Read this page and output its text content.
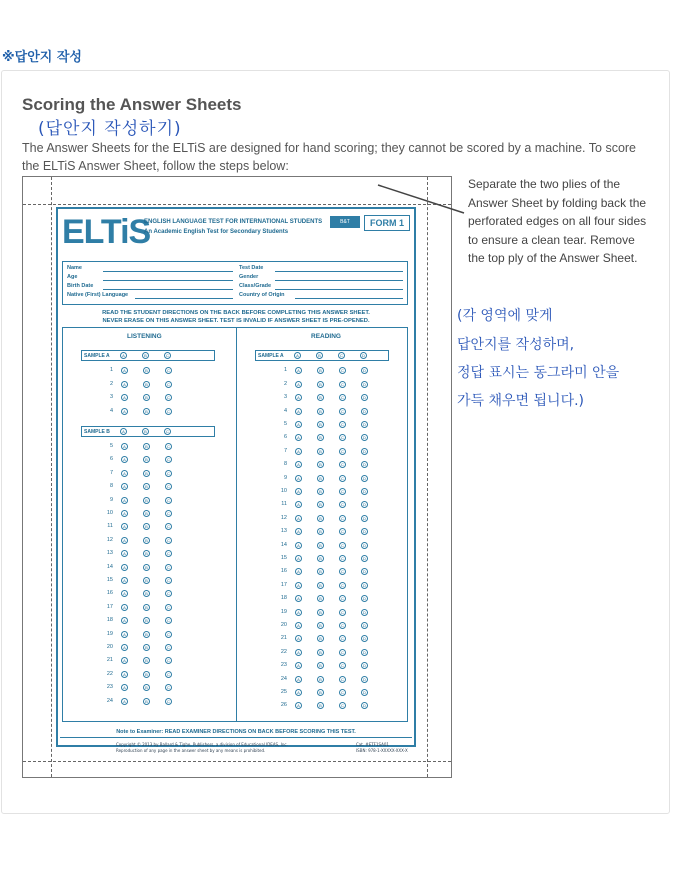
※답안지 작성
Scoring the Answer Sheets
(답안지 작성하기)
The Answer Sheets for the ELTiS are designed for hand scoring; they cannot be scored by a machine. To score the ELTiS Answer Sheet, follow the steps below:
ELTiS
ENGLISH LANGUAGE TEST FOR INTERNATIONAL STUDENTS
An Academic English Test for Secondary Students
B&T	FORM 1
Name
Age
Birth Date
Native (First) Language
Test Date
Gender
Class/Grade
Country of Origin
READ THE STUDENT DIRECTIONS ON THE BACK BEFORE COMPLETING THIS ANSWER SHEET.
NEVER ERASE ON THIS ANSWER SHEET. TEST IS INVALID IF ANSWER SHEET IS PRE-OPENED.
LISTENING	READING
SAMPLE A	A	B	C
1	A	B	C
2	A	B	C
3	A	B	C
4	A	B	C
SAMPLE B	A	B	C
5	A	B	C
6	A	B	C
7	A	B	C
8	A	B	C
9	A	B	C
10	A	B	C
11	A	B	C
12	A	B	C
13	A	B	C
14	A	B	C
15	A	B	C
16	A	B	C
17	A	B	C
18	A	B	C
19	A	B	C
20	A	B	C
21	A	B	C
22	A	B	C
23	A	B	C
24	A	B	C
SAMPLE A	A	B	C	D
1	A	B	C	D
2	A	B	C	D
3	A	B	C	D
4	A	B	C	D
5	A	B	C	D
6	A	B	C	D
7	A	B	C	D
8	A	B	C	D
9	A	B	C	D
10	A	B	C	D
11	A	B	C	D
12	A	B	C	D
13	A	B	C	D
14	A	B	C	D
15	A	B	C	D
16	A	B	C	D
17	A	B	C	D
18	A	B	C	D
19	A	B	C	D
20	A	B	C	D
21	A	B	C	D
22	A	B	C	D
23	A	B	C	D
24	A	B	C	D
25	A	B	C	D
26	A	B	C	D
Note to Examiner: READ EXAMINER DIRECTIONS ON BACK BEFORE SCORING THIS TEST.
Copyright © 2013 by Ballard & Tighe, Publishers, a division of Educational IDEAS, Inc.
Reproduction of any page in the answer sheet by any means is prohibited.
Cat. #ETF1SA01
ISBN: 978-1-XXXXX-XXX-X
Separate the two plies of the Answer Sheet by folding back the perforated edges on all four sides to ensure a clean tear. Remove the top ply of the Answer Sheet.
(각 영역에 맞게
답안지를 작성하며,
정답 표시는 동그라미 안을
가득 채우면 됩니다.)
